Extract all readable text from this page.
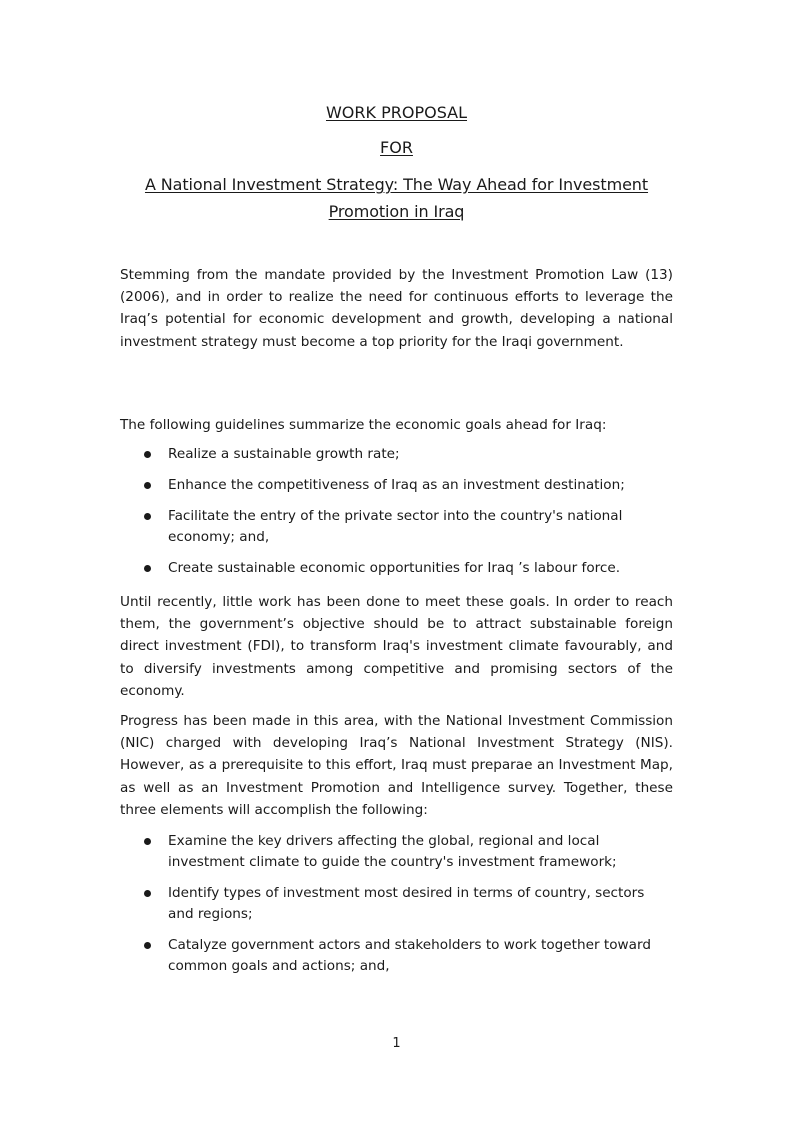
WORK PROPOSAL
FOR
A National Investment Strategy: The Way Ahead for Investment Promotion in Iraq

Stemming from the mandate provided by the Investment Promotion Law (13) (2006), and in order to realize the need for continuous efforts to leverage the Iraq’s potential for economic development and growth, developing a national investment strategy must become a top priority for the Iraqi government.

The following guidelines summarize the economic goals ahead for Iraq:

Realize a sustainable growth rate;
Enhance the competitiveness of Iraq as an investment destination;
Facilitate the entry of the private sector into the country's national economy; and,
Create sustainable economic opportunities for Iraq ’s labour force.

Until recently, little work has been done to meet these goals. In order to reach them, the government’s objective should be to attract substainable foreign direct investment (FDI), to transform Iraq's investment climate favourably, and to diversify investments among competitive and promising sectors of the economy.

Progress has been made in this area, with the National Investment Commission (NIC) charged with developing Iraq’s National Investment Strategy (NIS). However, as a prerequisite to this effort, Iraq must preparae an Investment Map, as well as an Investment Promotion and Intelligence survey. Together, these three elements will accomplish the following:

Examine the key drivers affecting the global, regional and local investment climate to guide the country's investment framework;
Identify types of investment most desired in terms of country, sectors and regions;
Catalyze government actors and stakeholders to work together toward common goals and actions; and,

1
